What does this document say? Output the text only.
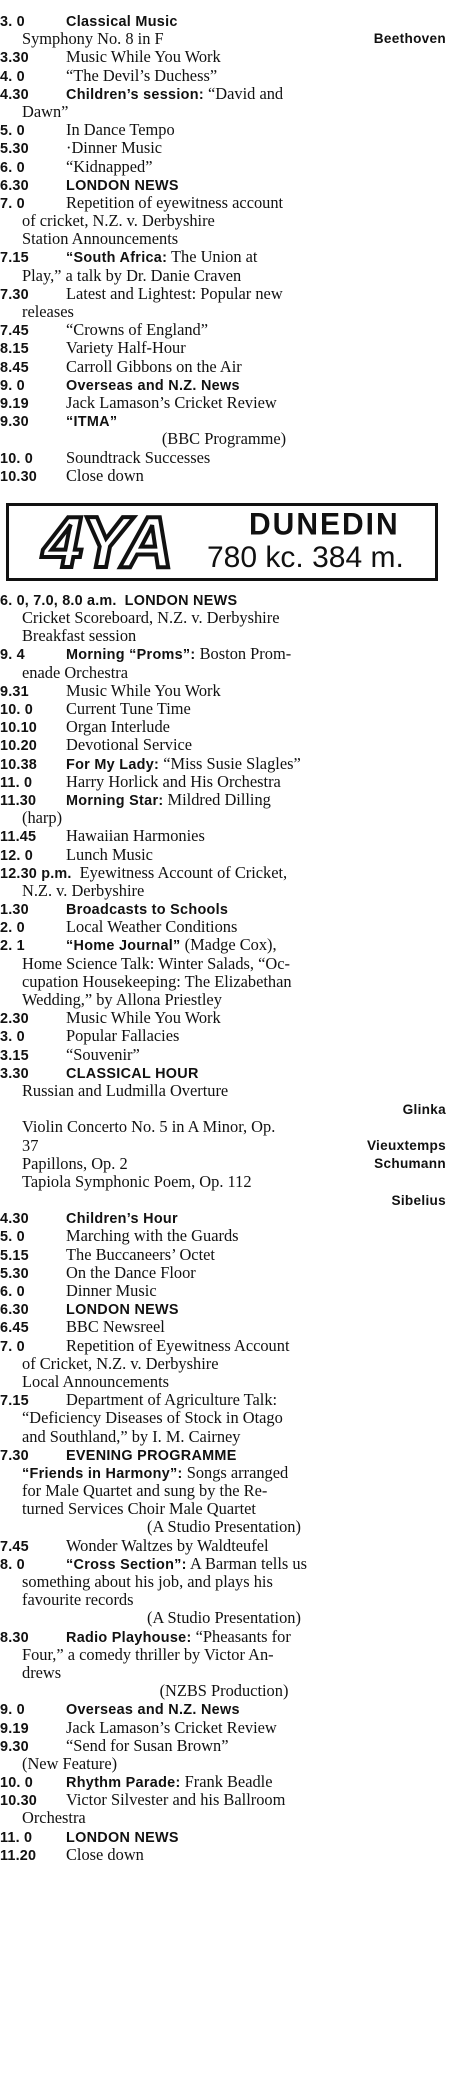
3. 0	Classical Music
Symphony No. 8 in F	Beethoven
3.30	Music While You Work
4. 0	“The Devil’s Duchess”
4.30	Children’s session: “David and
Dawn”
5. 0	In Dance Tempo
5.30	·Dinner Music
6. 0	“Kidnapped”
6.30	LONDON NEWS
7. 0	Repetition of eyewitness account
of cricket, N.Z. v. Derbyshire
Station Announcements
7.15	“South Africa: The Union at
Play,” a talk by Dr. Danie Craven
7.30	Latest and Lightest: Popular new
releases
7.45	“Crowns of England”
8.15	Variety Half-Hour
8.45	Carroll Gibbons on the Air
9. 0	Overseas and N.Z. News
9.19	Jack Lamason’s Cricket Review
9.30	“ITMA”
(BBC Programme)
10. 0	Soundtrack Successes
10.30	Close down
4YA	DUNEDIN
780 kc. 384 m.
6. 0, 7.0, 8.0 a.m. LONDON NEWS
Cricket Scoreboard, N.Z. v. Derbyshire
Breakfast session
9. 4	Morning “Proms”: Boston Prom-
enade Orchestra
9.31	Music While You Work
10. 0	Current Tune Time
10.10	Organ Interlude
10.20	Devotional Service
10.38	For My Lady: “Miss Susie Slagles”
11. 0	Harry Horlick and His Orchestra
11.30	Morning Star: Mildred Dilling
(harp)
11.45	Hawaiian Harmonies
12. 0	Lunch Music
12.30 p.m. Eyewitness Account of Cricket,
N.Z. v. Derbyshire
1.30	Broadcasts to Schools
2. 0	Local Weather Conditions
2. 1	“Home Journal” (Madge Cox),
Home Science Talk: Winter Salads, “Oc-
cupation Housekeeping: The Elizabethan
Wedding,” by Allona Priestley
2.30	Music While You Work
3. 0	Popular Fallacies
3.15	“Souvenir”
3.30	CLASSICAL HOUR
Russian and Ludmilla Overture
Glinka
Violin Concerto No. 5 in A Minor, Op.
37	Vieuxtemps
Papillons, Op. 2	Schumann
Tapiola Symphonic Poem, Op. 112
Sibelius
4.30	Children’s Hour
5. 0	Marching with the Guards
5.15	The Buccaneers’ Octet
5.30	On the Dance Floor
6. 0	Dinner Music
6.30	LONDON NEWS
6.45	BBC Newsreel
7. 0	Repetition of Eyewitness Account
of Cricket, N.Z. v. Derbyshire
Local Announcements
7.15	Department of Agriculture Talk:
“Deficiency Diseases of Stock in Otago
and Southland,” by I. M. Cairney
7.30	EVENING PROGRAMME
“Friends in Harmony”: Songs arranged
for Male Quartet and sung by the Re-
turned Services Choir Male Quartet
(A Studio Presentation)
7.45	Wonder Waltzes by Waldteufel
8. 0	“Cross Section”: A Barman tells us
something about his job, and plays his
favourite records
(A Studio Presentation)
8.30	Radio Playhouse: “Pheasants for
Four,” a comedy thriller by Victor An-
drews
(NZBS Production)
9. 0	Overseas and N.Z. News
9.19	Jack Lamason’s Cricket Review
9.30	“Send for Susan Brown”
(New Feature)
10. 0	Rhythm Parade: Frank Beadle
10.30	Victor Silvester and his Ballroom
Orchestra
11. 0	LONDON NEWS
11.20	Close down
